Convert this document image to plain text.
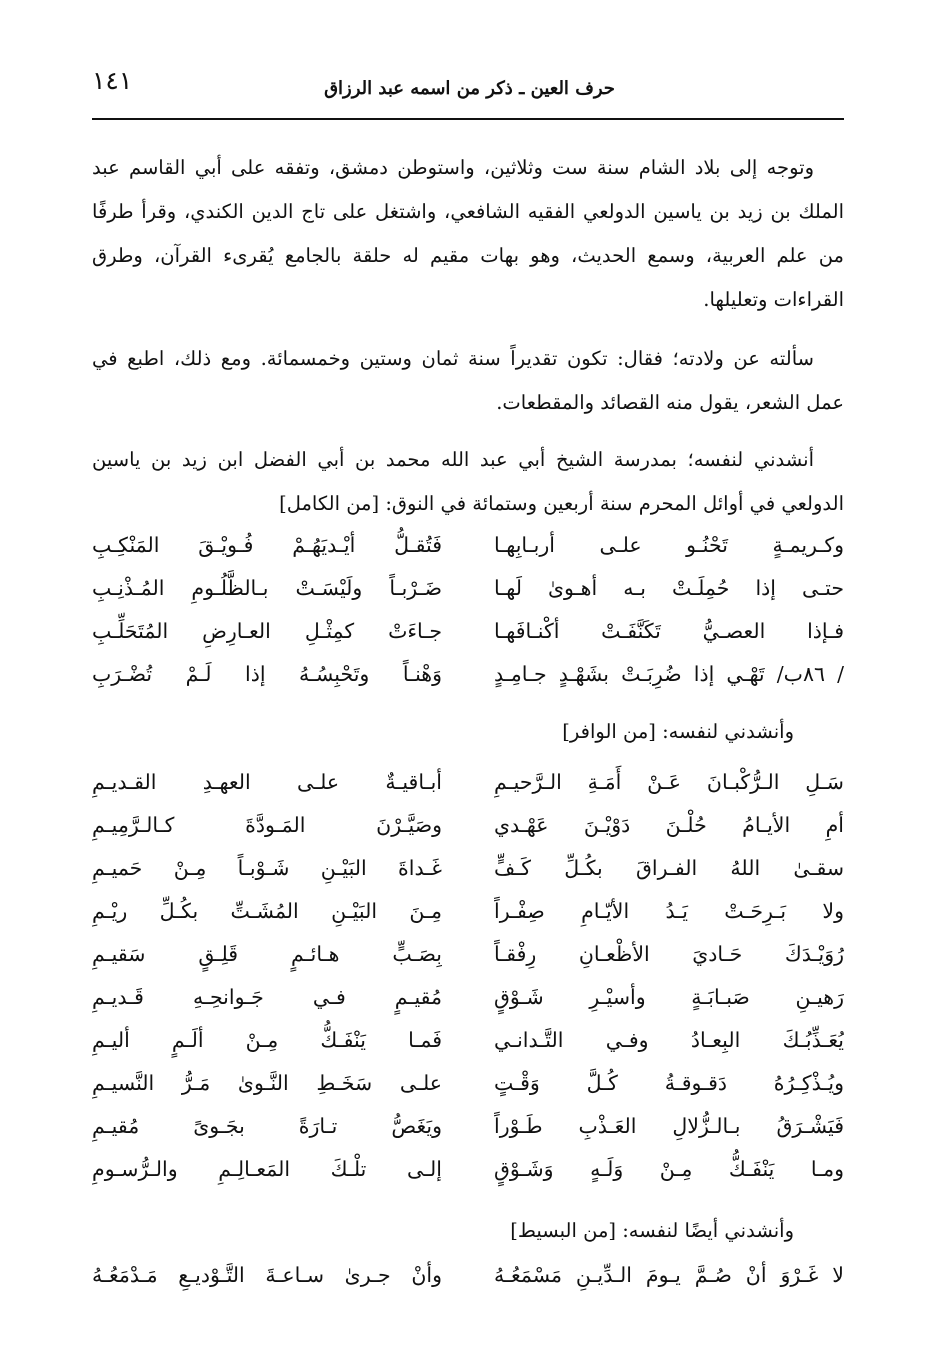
١٤١	حرف العين ـ ذكر من اسمه عبد الرزاق

وتوجه إلى بلاد الشام سنة ست وثلاثين، واستوطن دمشق، وتفقه على أبي القاسم عبد الملك بن زيد بن ياسين الدولعي الفقيه الشافعي، واشتغل على تاج الدين الكندي، وقرأ طرفًا من علم العربية، وسمع الحديث، وهو بهات مقيم له حلقة بالجامع يُقرىء القرآن، وطرق القراءات وتعليلها.

سألته عن ولادته؛ فقال: تكون تقديراً سنة ثمان وستين وخمسمائة. ومع ذلك، اطبع في عمل الشعر، يقول منه القصائد والمقطعات.

أنشدني لنفسه؛ بمدرسة الشيخ أبي عبد الله محمد بن أبي الفضل ابن زيد بن ياسين الدولعي في أوائل المحرم سنة أربعين وستمائة في النوق: [من الكامل]

وكـريمـةٍ تَحْنُـو علـى أربـابِهـا
فَتُقـلُّ أيْـديَهُـمْ فُـويْـقَ المَنْكِـبِ
حتـى إذا حُمِلَـتْ بـه أهـوىٰ لَهـا
ضَـرْبـاً ولَيْسَـتْ بـالظَّلُـومِ المُـذْنِـبِ
فـإذا العصـيُّ تَكَنَّفَـتْ أكْنـافَهـا
جـاءَتْ كمِثْـلِ العـارِضِ المُتَحَلِّـبِ
/ ٨٦ب/ تَهْـي إذا ضُرِبَـتْ بشَهْـدٍ جـامِـدٍ
وَهْنـاً وتَحْبِسُـهُ إذا لَـمْ تُضْـرَبِ
وأنشدني لنفسه: [من الوافر]
سَـلِ الـرُّكْبـانَ عَـنْ أَمَـةِ الـرَّحيـمِ
أبـاقيـةٌ علـى العهـدِ القـديـمِ
أمِ الأيـامُ حُلْـنَ دَوْيْـنَ عَهْـدي
وصَيَّـرْنَ المَـودَّةَ كـالـرَّمِيـمِ
سقـىٰ اللهُ الفـراقَ بكُـلِّ كَـفٍّ
غَـداةَ البَيْـنِ شَـوْبـاً مِـنْ حَميـمِ
ولا بَـرِحَـتْ يَـدُ الأيّـامِ صِفْـراً
مِـنَ البَيْـنِ المُشَـتِّ بكُـلِّ ريْـمِ
رُوَيْـدَكَ حَـاديَ الأظْعـانِ رِفْقـاً
بِصَـبٍّ هـائـمٍ قَلِـقٍ سَقيـمِ
رَهيـنِ صَبـابَـةٍ وأسيْـرِ شَـوْقٍ
مُقيـمٍ فـي جَـوانحِـهِ قَـديـمِ
يُعَـذِّبُـكَ البِعـادُ وفـي التَّـدانـي
فَمـا يَنْفَـكُّ مِـنْ ألَـمٍ أليـمِ
ويُـذْكِـرُهُ دَقـوقـةُ كُـلَّ وَقْـتٍ
علـى سَخَـطِ النَّـوىٰ مَـرُّ النَّسيـمِ
فَيَشْـرَقُ بـالـزُّلالِ العَـذْبِ طَـوْراً
ويَغَصُّ تـارَةً بجَـوىً مُقيـمِ
ومـا يَنْفَـكُّ مِـنْ وَلَـهٍ وَشَـوْقٍ
إلـى تلْـكَ المَعـالِـمِ والـرُّسـومِ
وأنشدني أيضًا لنفسه: [من البسيط]
لا غَـرْوَ أنْ صُـمَّ يـومَ الـدِّيـنِ مَسْمَعُـهُ
وأنْ جـرىٰ سـاعـةَ التَّـوْديـعِ مَـدْمَعُـهُ
